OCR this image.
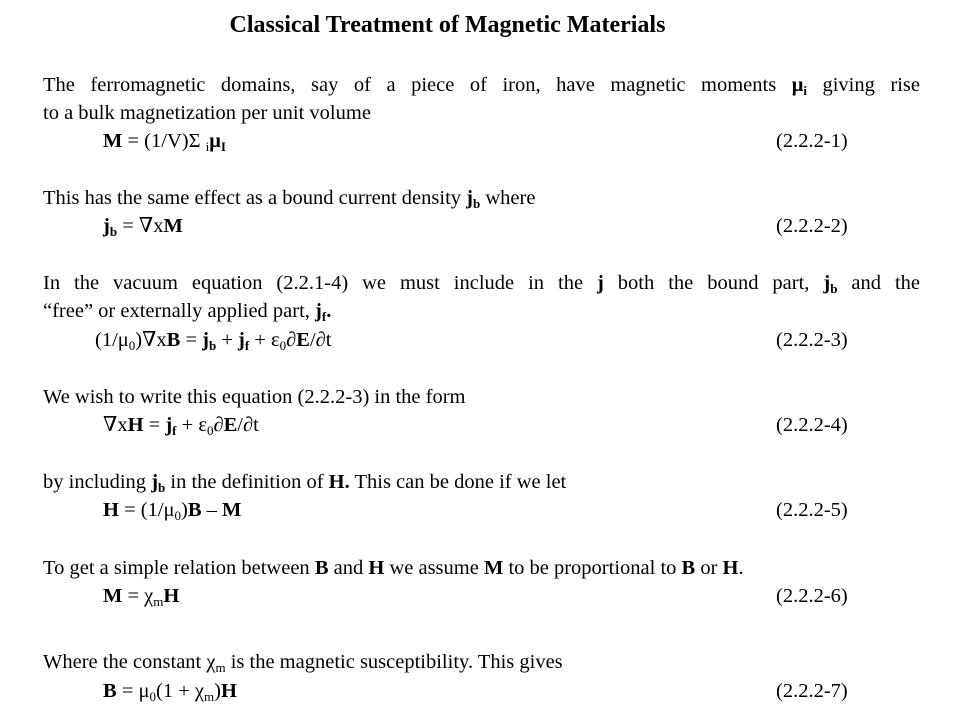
Classical Treatment of Magnetic Materials
The ferromagnetic domains, say of a piece of iron, have magnetic moments $\mu_i$ giving rise
to a bulk magnetization per unit volume
M = (1/V)Σ $_i\mu_I$	(2.2.2-1)
This has the same effect as a bound current density $j_b$ where
$j_b = \nabla xM$	(2.2.2-2)
In the vacuum equation (2.2.1-4) we must include in the j both the bound part, $j_b$ and the
“free” or externally applied part, $j_f$.
$(1/\mu_0)\nabla xB = j_b + j_f + \varepsilon_0\partial E/\partial t$	(2.2.2-3)
We wish to write this equation (2.2.2-3) in the form
$\nabla xH = j_f + \varepsilon_0\partial E/\partial t$	(2.2.2-4)
by including $j_b$ in the definition of H. This can be done if we let
$H = (1/\mu_0)B - M$	(2.2.2-5)
To get a simple relation between B and H we assume M to be proportional to B or H.
$M = \chi_mH$	(2.2.2-6)
Where the constant $\chi_m$ is the magnetic susceptibility. This gives
$B = \mu_0(1 + \chi_m)H$	(2.2.2-7)
